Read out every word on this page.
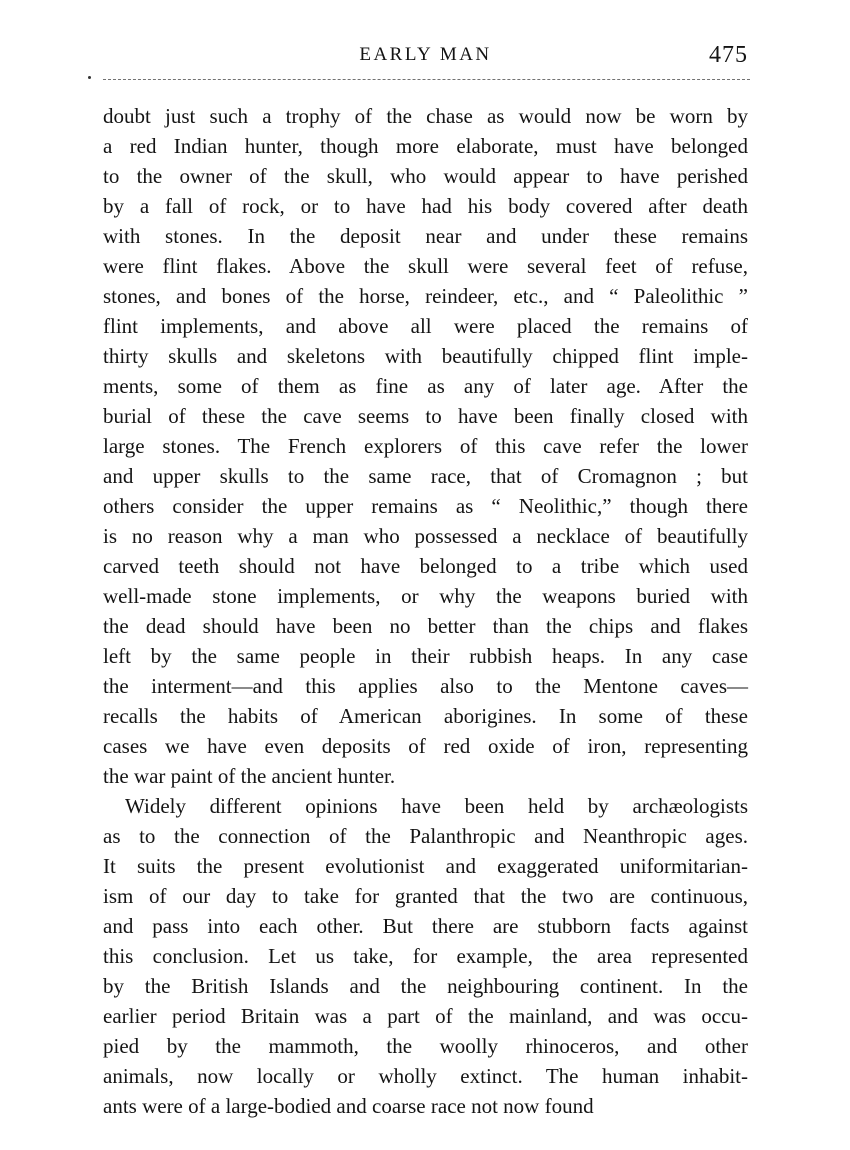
EARLY MAN	475
doubt just such a trophy of the chase as would now be worn by
a red Indian hunter, though more elaborate, must have belonged
to the owner of the skull, who would appear to have perished
by a fall of rock, or to have had his body covered after death
with stones. In the deposit near and under these remains
were flint flakes. Above the skull were several feet of refuse,
stones, and bones of the horse, reindeer, etc., and “ Paleolithic ”
flint implements, and above all were placed the remains of
thirty skulls and skeletons with beautifully chipped flint imple-
ments, some of them as fine as any of later age. After the
burial of these the cave seems to have been finally closed with
large stones. The French explorers of this cave refer the lower
and upper skulls to the same race, that of Cromagnon ; but
others consider the upper remains as “ Neolithic,” though there
is no reason why a man who possessed a necklace of beautifully
carved teeth should not have belonged to a tribe which used
well-made stone implements, or why the weapons buried with
the dead should have been no better than the chips and flakes
left by the same people in their rubbish heaps. In any case
the interment—and this applies also to the Mentone caves—
recalls the habits of American aborigines. In some of these
cases we have even deposits of red oxide of iron, representing
the war paint of the ancient hunter.
Widely different opinions have been held by archæologists
as to the connection of the Palanthropic and Neanthropic ages.
It suits the present evolutionist and exaggerated uniformitarian-
ism of our day to take for granted that the two are continuous,
and pass into each other. But there are stubborn facts against
this conclusion. Let us take, for example, the area represented
by the British Islands and the neighbouring continent. In the
earlier period Britain was a part of the mainland, and was occu-
pied by the mammoth, the woolly rhinoceros, and other
animals, now locally or wholly extinct. The human inhabit-
ants were of a large-bodied and coarse race not now found
